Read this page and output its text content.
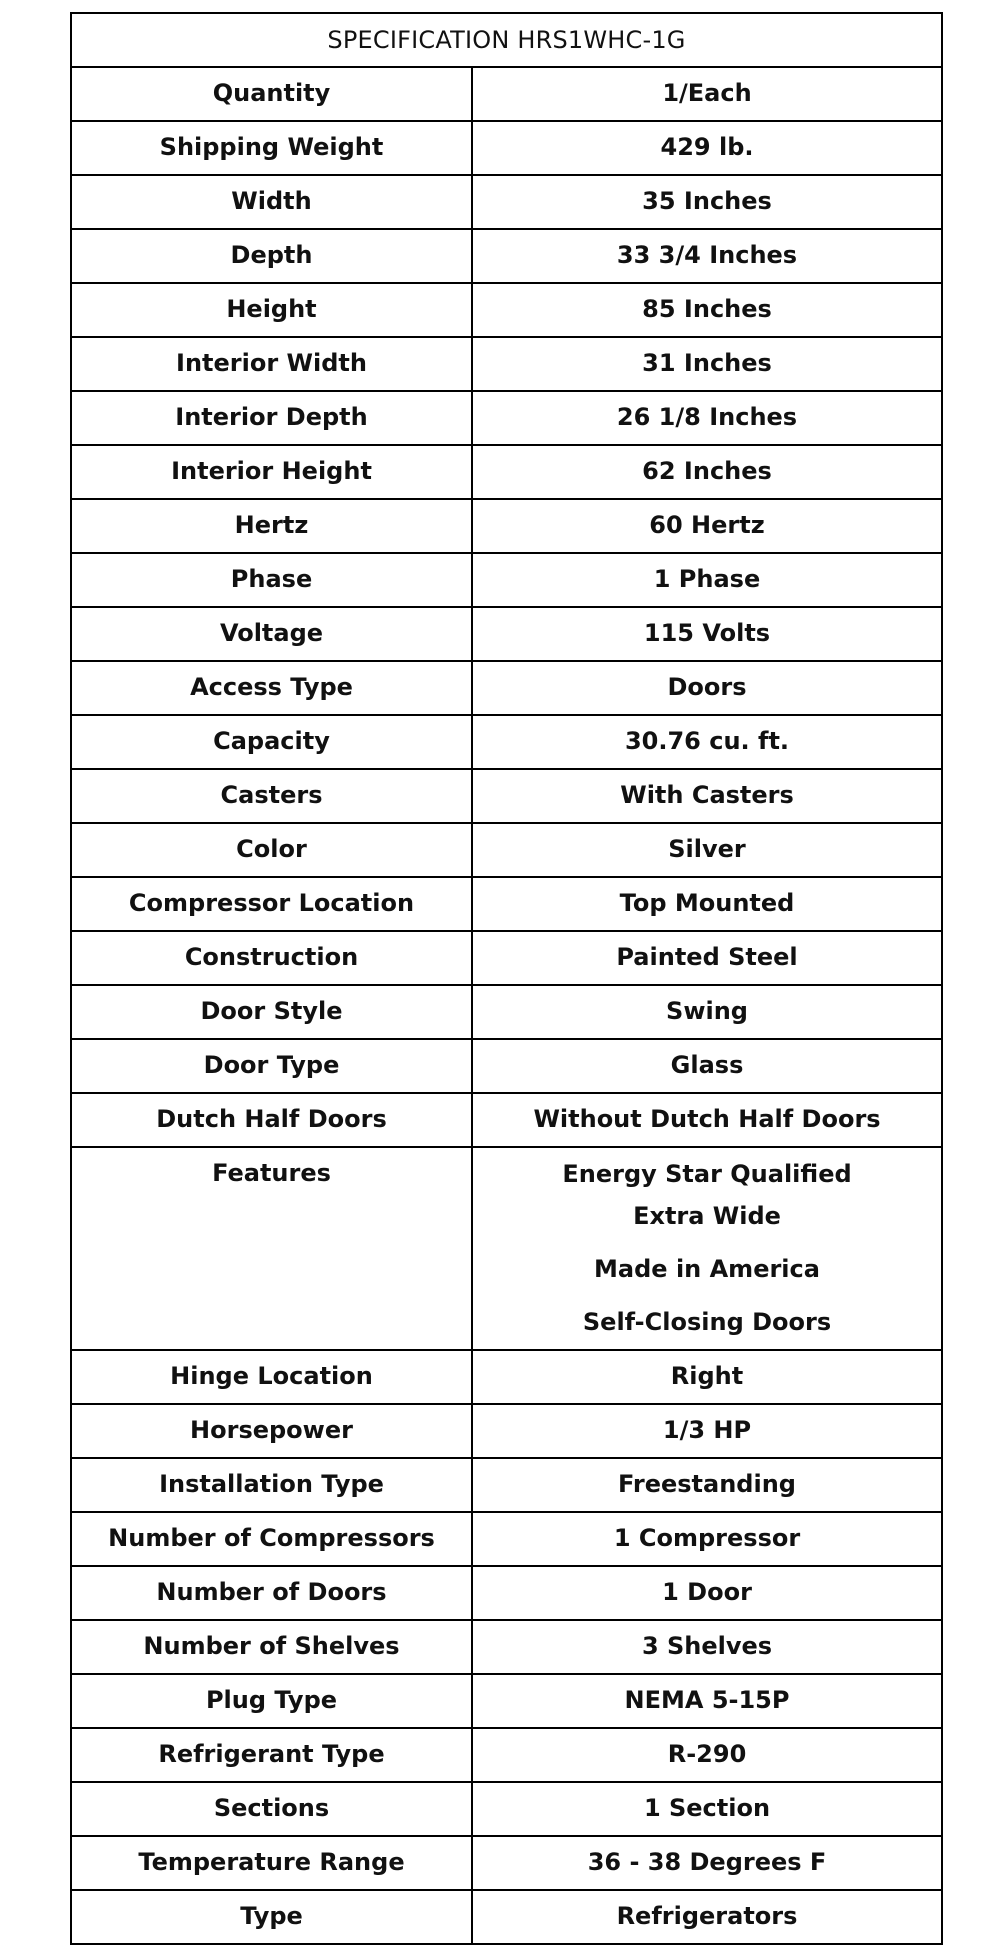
SPECIFICATION HRS1WHC-1G	

Quantity	1/Each

Shipping Weight	429 lb.

Width	35 Inches

Depth	33 3/4 Inches

Height	85 Inches

Interior Width	31 Inches

Interior Depth	26 1/8 Inches

Interior Height	62 Inches

Hertz	60 Hertz

Phase	1 Phase

Voltage	115 Volts

Access Type	Doors

Capacity	30.76 cu. ft.

Casters	With Casters

Color	Silver

Compressor Location	Top Mounted

Construction	Painted Steel

Door Style	Swing

Door Type	Glass

Dutch Half Doors	Without Dutch Half Doors

Features	Energy Star Qualified
Extra Wide
Made in America
Self-Closing Doors

Hinge Location	Right

Horsepower	1/3 HP

Installation Type	Freestanding

Number of Compressors	1 Compressor

Number of Doors	1 Door

Number of Shelves	3 Shelves

Plug Type	NEMA 5-15P

Refrigerant Type	R-290

Sections	1 Section

Temperature Range	36 - 38 Degrees F

Type	Refrigerators
